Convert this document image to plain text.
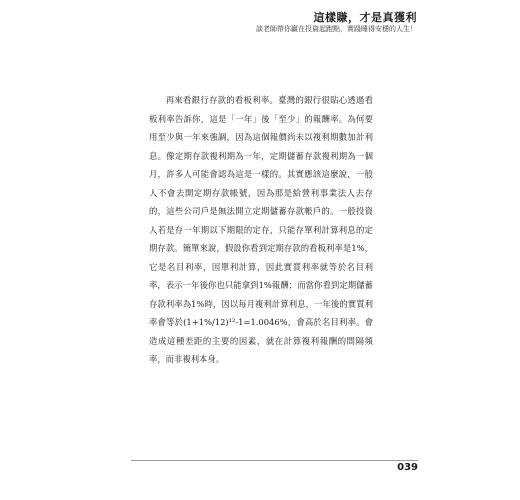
這樣賺，才是真獲利
談老師帶你贏在投資起跑點，實踐睡得安穩的人生！

再來看銀行存款的看板利率。臺灣的銀行很貼心透過看板利率告訴你，這是「一年」後「至少」的報酬率。為何要用至少與一年來強調，因為這個報價尚未以複利期數加計利息。像定期存款複利期為一年，定期儲蓄存款複利期為一個月，許多人可能會認為這是一樣的。其實應該這麼說，一般人不會去開定期存款帳號，因為那是給營利事業法人去存的，這些公司戶是無法開立定期儲蓄存款帳戶的。一般投資人若是存一年期以下期限的定存，只能存單利計算利息的定期存款。簡單來說，假設你看到定期存款的看板利率是1%，它是名目利率，因單利計算，因此實質利率就等於名目利率，表示一年後你也只能拿到1%報酬；而當你看到定期儲蓄存款利率為1%時，因以每月複利計算利息，一年後的實質利率會等於(1+1%/12)¹²-1=1.0046%，會高於名目利率。會造成這種差距的主要的因素，就在計算複利報酬的間隔頻率，而非複利本身。

039
